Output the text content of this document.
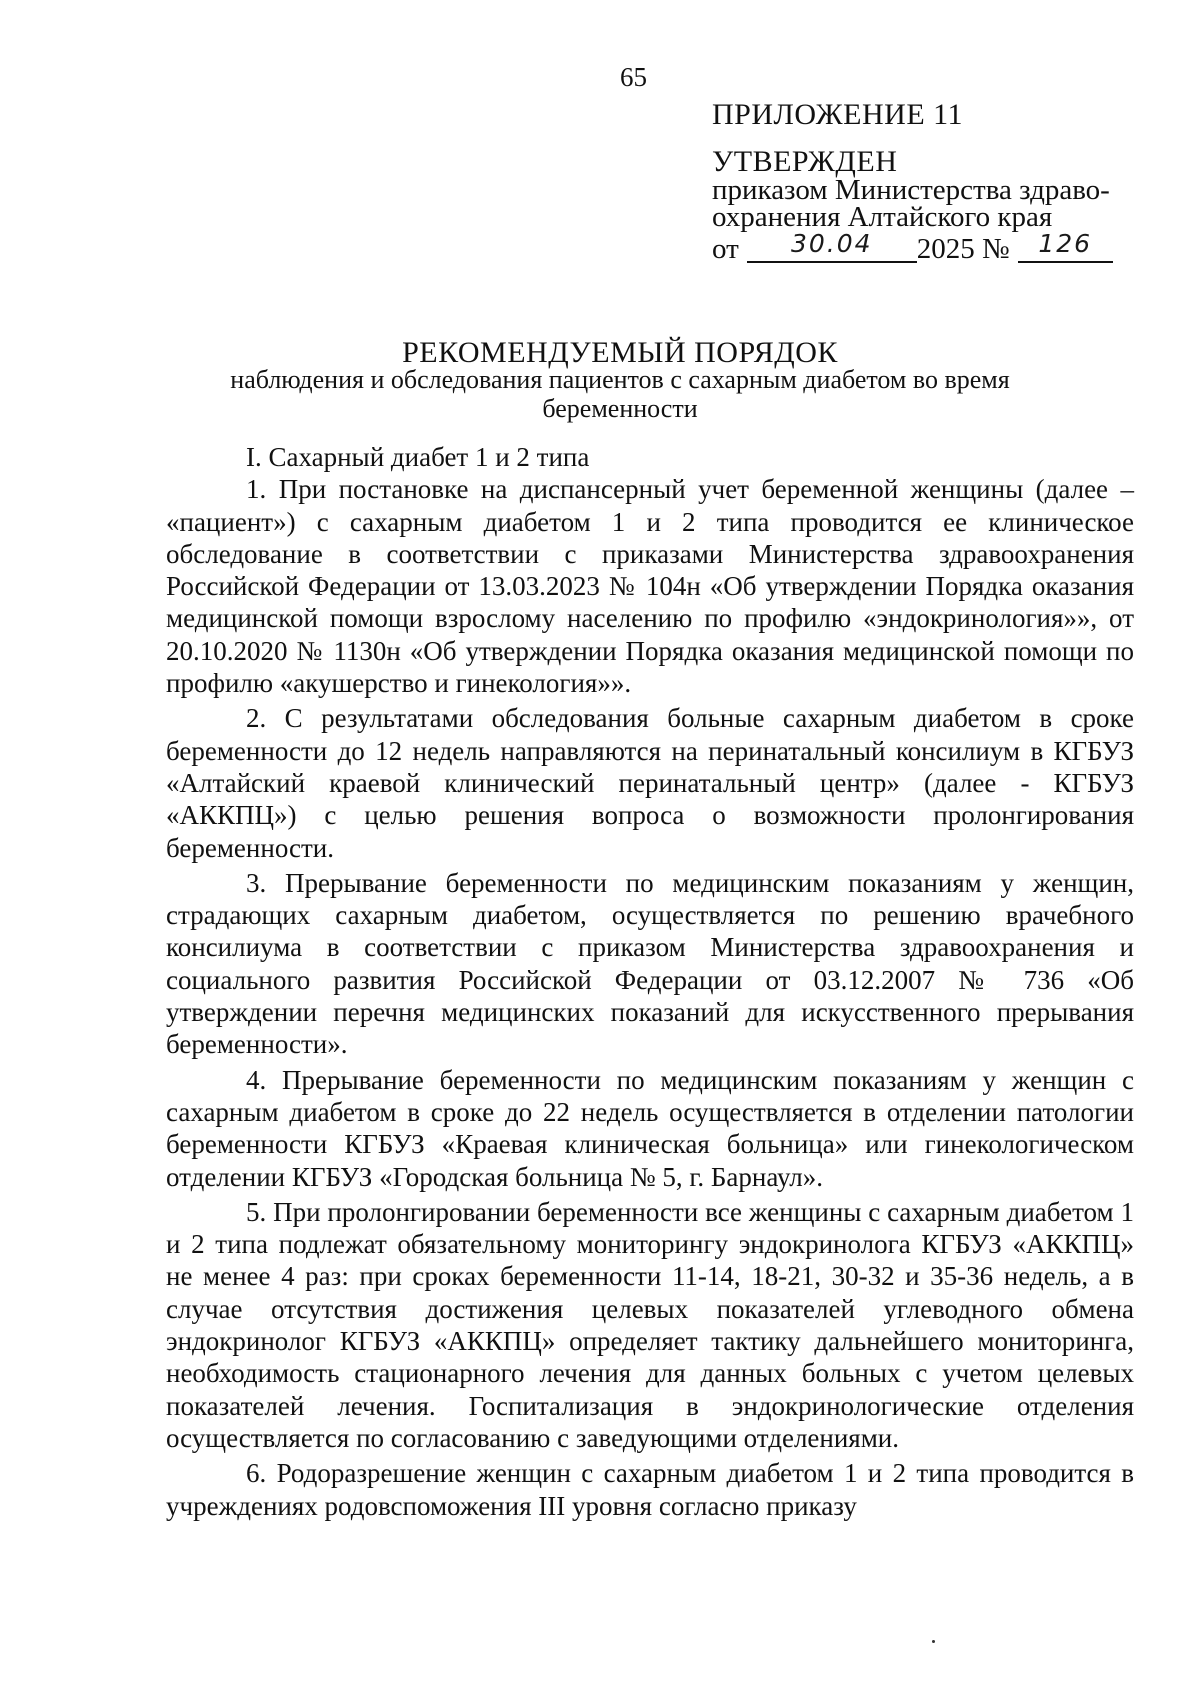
65
ПРИЛОЖЕНИЕ 11
УТВЕРЖДЕН
приказом Министерства здраво-
охранения Алтайского края
от 30.04 2025 № 126
РЕКОМЕНДУЕМЫЙ ПОРЯДОК
наблюдения и обследования пациентов с сахарным диабетом во время беременности

I. Сахарный диабет 1 и 2 типа

1. При постановке на диспансерный учет беременной женщины (далее – «пациент») с сахарным диабетом 1 и 2 типа проводится ее клиническое обследование в соответствии с приказами Министерства здравоохранения Российской Федерации от 13.03.2023 № 104н «Об утверждении Порядка оказания медицинской помощи взрослому населению по профилю «эндокринология»», от 20.10.2020 № 1130н «Об утверждении Порядка оказания медицинской помощи по профилю «акушерство и гинекология»».

2. С результатами обследования больные сахарным диабетом в сроке беременности до 12 недель направляются на перинатальный консилиум в КГБУЗ «Алтайский краевой клинический перинатальный центр» (далее - КГБУЗ «АККПЦ») с целью решения вопроса о возможности пролонгирования беременности.

3. Прерывание беременности по медицинским показаниям у женщин, страдающих сахарным диабетом, осуществляется по решению врачебного консилиума в соответствии с приказом Министерства здравоохранения и социального развития Российской Федерации от 03.12.2007 № 736 «Об утверждении перечня медицинских показаний для искусственного прерывания беременности».

4. Прерывание беременности по медицинским показаниям у женщин с сахарным диабетом в сроке до 22 недель осуществляется в отделении патологии беременности КГБУЗ «Краевая клиническая больница» или гинекологическом отделении КГБУЗ «Городская больница № 5, г. Барнаул».

5. При пролонгировании беременности все женщины с сахарным диабетом 1 и 2 типа подлежат обязательному мониторингу эндокринолога КГБУЗ «АККПЦ» не менее 4 раз: при сроках беременности 11-14, 18-21, 30-32 и 35-36 недель, а в случае отсутствия достижения целевых показателей углеводного обмена эндокринолог КГБУЗ «АККПЦ» определяет тактику дальнейшего мониторинга, необходимость стационарного лечения для данных больных с учетом целевых показателей лечения. Госпитализация в эндокринологические отделения осуществляется по согласованию с заведующими отделениями.

6. Родоразрешение женщин с сахарным диабетом 1 и 2 типа проводится в учреждениях родовспоможения III уровня согласно приказу
